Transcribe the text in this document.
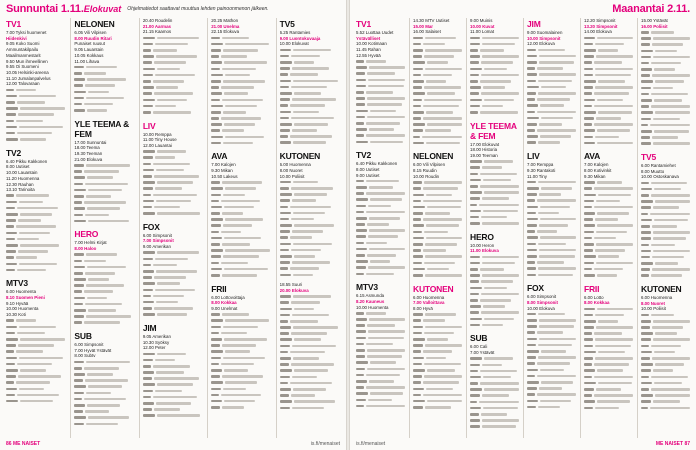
Sunnuntai 1.11. Elokuvat Ohjelmatiedot saattavat muuttua lehden painoonmenon jälkeen.
TV1
7.00 Tyksi huomenet
Hiidenkivi
9.05 Koko Suomi
Ammuntakilpailu
Maailmanmestarit
9.50 Mun ihmeellinen
9.55 Oi Suomeni
10.05 Helsinki-areena
11.10 Jumalanpalvelus
12.00 Talovaraan
TV2
6.40 Pikku Kakkonen
8.00 Uutiset
10.00 Lauantain
11.20 Huomenna
12.30 Rauhan
13.10 Tarinoita
MTV3
6.00 Huomenta
8.10 Suomen Pieni
9.10 Hyvää
10.00 Huomenta
10.30 Koti
NELONEN
6.05 Vili Vilpisen
8.00 Ruudin Ritari
Punaiset ruusut
9.05 Lauantain
10.05 Kokkaus
11.00 Lihava
YLE TEEMA & FEM
17.00 Sunnuntai
18.00 Teema
19.30 Teeman
21.00 Elokuva
HERO
7.00 Helmi Kirjat
8.00 Haloo
SUB
6.00 Simpsonit
7.00 Hyvät Ystävät
8.00 Subtv
20.40 Roudelin
21.00 Aarmas
21.15 Kaamos
LIV
10.00 Remppa
11.00 Tiny House
12.00 Lauantai
FOX
6.00 Simpsonit
7.00 Simpsonit
9.00 Amerikan
JIM
9.05 Amerikan
10.30 Syöksy
12.00 Peter
20.25 Mathon
21.00 Unelma
22.15 Elokuva
AVA
7.00 Kalojen
9.30 Mikan
10.50 Lakeus
FRII
6.00 Lottovoittaja
8.00 Kokkaa
9.00 Unelmat
TV5
6.25 Rantamies
9.00 Luontokuvaaja
10.00 Elokuvat
KUTONEN
6.00 Huomenna
8.00 Nuoret
10.00 Poliisit
18.55 Suuri
20.00 Elokuva
86 ME NAISET	is.fi/menaiset
Maanantai 2.11.
TV1
5.52 Luottaa Uudet
Ystävälliset
10.00 Kotimaan
11.45 Rahan
12.55 Hyvää
TV2
6.40 Pikku Kakkonen
8.00 Uutiset
9.00 Uutiset
MTV3
6.15 Asmunda
8.20 Kauneus
10.00 Huomenta
14.30 MTV Uutiset
15.00 Mar
16.00 Salaiset
NELONEN
6.00 Vili Vilpisen
8.15 Ruudin
10.00 Roudin
KUTONEN
6.00 Huomenna
7.00 Valloittava
8.00 Hyvä
9.00 Muinis
10.00 Kuvat
11.00 Lomat
YLE TEEMA & FEM
17.00 Elokuvat
18.00 Historia
19.00 Teeman
HERO
10.00 Heron
11.00 Elokuva
SUB
6.00 Cali
7.00 Ystävät
JIM
9.00 Suomalainen
10.00 Simpsonit
12.00 Elokuva
LIV
7.00 Remppa
9.30 Rantakoti
11.00 Tiny
FOX
6.00 Simpsonit
8.00 Simpsonit
10.00 Elokuva
12.20 Simpsonit
13.20 Simpsonit
14.00 Elokuva
AVA
7.00 Kalojen
8.00 Kotivinkit
9.30 Mikan
FRII
6.00 Lotto
8.00 Kokkaa
15.00 Ystävät
16.00 Poliisit
TV5
6.00 Rantamiehet
8.00 Muutto
10.00 Ostoskanava
KUTONEN
6.00 Huomenna
8.00 Nuoret
10.00 Poliisit
is.fi/menaiset	ME NAISET 87
